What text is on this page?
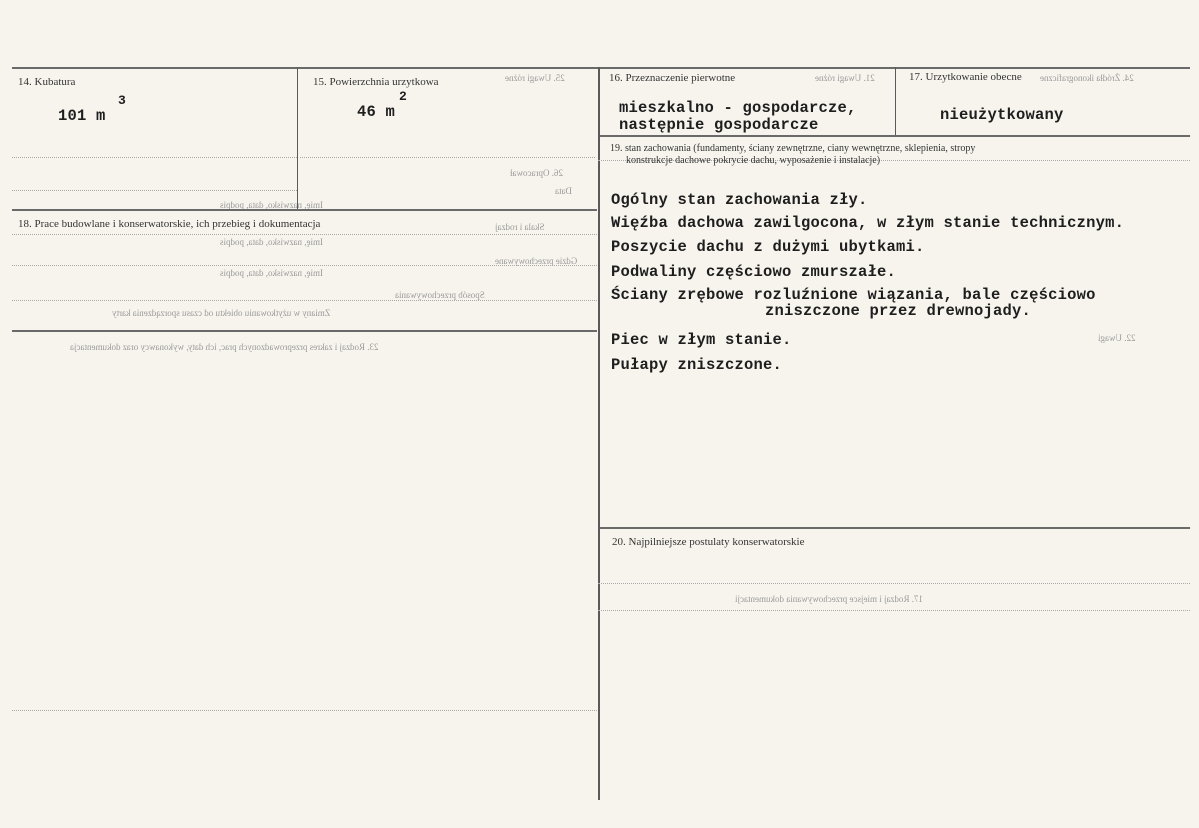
25. Uwagi różne
26. Opracował
Data
Imię, nazwisko, data, podpis
Skala i rodzaj
Imię, nazwisko, data, podpis
Gdzie przechowywane
Imię, nazwisko, data, podpis
Sposób przechowywania
Zmiany w użytkowaniu obiektu od czasu sporządzenia karty
22. Uwagi
23. Rodzaj i zakres przeprowadzonych prac, ich daty, wykonawcy oraz dokumentacja
21. Uwagi różne	24. Źródła ikonograficzne
17. Rodzaj i miejsce przechowywania dokumentacji
14. Kubatura
101 m
3
15. Powierzchnia urzytkowa
46 m
2
16. Przeznaczenie pierwotne
mieszkalno - gospodarcze,
następnie gospodarcze
17. Urzytkowanie obecne
nieużytkowany
18. Prace budowlane i konserwatorskie, ich przebieg i dokumentacja
19. stan zachowania (fundamenty, ściany zewnętrzne, ciany wewnętrzne, sklepienia, stropy
konstrukcje dachowe pokrycie dachu, wyposażenie i instalacje)
Ogólny stan zachowania zły.
Więźba dachowa zawilgocona, w złym stanie technicznym.
Poszycie dachu z dużymi ubytkami.
Podwaliny częściowo zmurszałe.
Ściany zrębowe rozluźnione wiązania, bale częściowo
zniszczone przez drewnojady.
Piec w złym stanie.
Pułapy zniszczone.
20. Najpilniejsze postulaty konserwatorskie
